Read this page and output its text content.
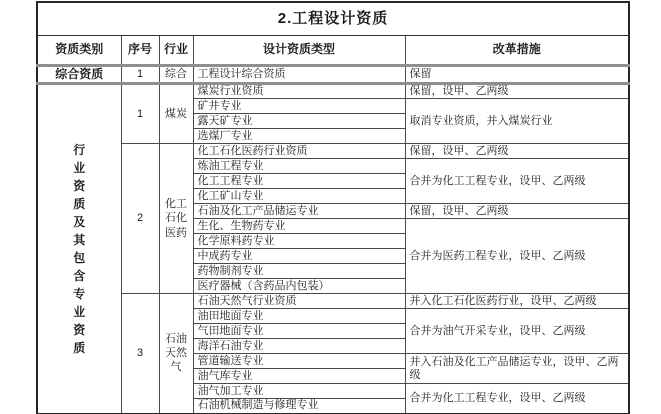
2.工程设计资质				
资质类别	序号	行业	设计资质类型	改革措施
综合资质	1	综合	工程设计综合资质	保留

行业资质及其包含专业资质	1	煤炭	煤炭行业资质	保留，设甲、乙两级
			矿井专业	取消专业资质，并入煤炭行业
			露天矿专业	
			选煤厂专业	
	2	化工石化医药	化工石化医药行业资质	保留，设甲、乙两级
			炼油工程专业	合并为化工工程专业，设甲、乙两级
			化工工程专业	
			化工矿山专业	
			石油及化工产品储运专业	保留，设甲、乙两级
			生化、生物药专业	合并为医药工程专业，设甲、乙两级
			化学原料药专业	
			中成药专业	
			药物制剂专业	
			医疗器械（含药品内包装）	
	3	石油天然气	石油天然气行业资质	并入化工石化医药行业，设甲、乙两级
			油田地面专业	合并为油气开采专业，设甲、乙两级
			气田地面专业	
			海洋石油专业	
			管道输送专业	并入石油及化工产品储运专业，设甲、乙两级
			油气库专业	
			油气加工专业	合并为化工工程专业，设甲、乙两级
			石油机械制造与修理专业	
